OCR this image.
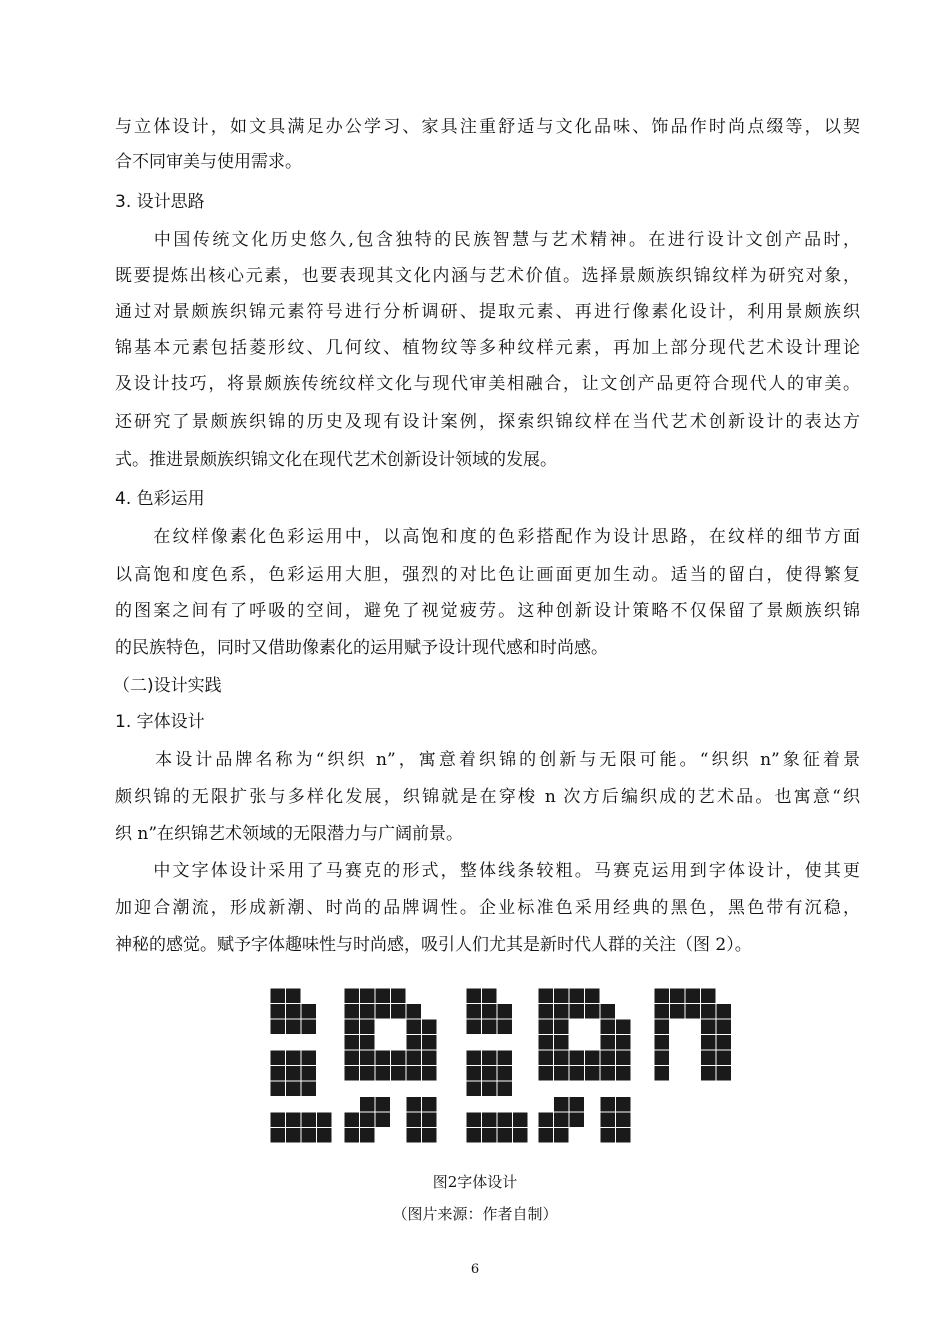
与立体设计，如文具满足办公学习、家具注重舒适与文化品味、饰品作时尚点缀等，以契
合不同审美与使用需求。
3. 设计思路
　　中国传统文化历史悠久,包含独特的民族智慧与艺术精神。在进行设计文创产品时，
既要提炼出核心元素，也要表现其文化内涵与艺术价值。选择景颇族织锦纹样为研究对象，
通过对景颇族织锦元素符号进行分析调研、提取元素、再进行像素化设计，利用景颇族织
锦基本元素包括菱形纹、几何纹、植物纹等多种纹样元素，再加上部分现代艺术设计理论
及设计技巧，将景颇族传统纹样文化与现代审美相融合，让文创产品更符合现代人的审美。
还研究了景颇族织锦的历史及现有设计案例，探索织锦纹样在当代艺术创新设计的表达方
式。推进景颇族织锦文化在现代艺术创新设计领域的发展。
4. 色彩运用
　　在纹样像素化色彩运用中，以高饱和度的色彩搭配作为设计思路，在纹样的细节方面
以高饱和度色系，色彩运用大胆，强烈的对比色让画面更加生动。适当的留白，使得繁复
的图案之间有了呼吸的空间，避免了视觉疲劳。这种创新设计策略不仅保留了景颇族织锦
的民族特色，同时又借助像素化的运用赋予设计现代感和时尚感。
（二)设计实践
1. 字体设计
　　本设计品牌名称为“织织 n”，寓意着织锦的创新与无限可能。“织织 n”象征着景
颇织锦的无限扩张与多样化发展，织锦就是在穿梭 n 次方后编织成的艺术品。也寓意“织
织 n”在织锦艺术领域的无限潜力与广阔前景。
　　中文字体设计采用了马赛克的形式，整体线条较粗。马赛克运用到字体设计，使其更
加迎合潮流，形成新潮、时尚的品牌调性。企业标准色采用经典的黑色，黑色带有沉稳，
神秘的感觉。赋予字体趣味性与时尚感，吸引人们尤其是新时代人群的关注（图 2）。
图2字体设计
（图片来源：作者自制）
6
